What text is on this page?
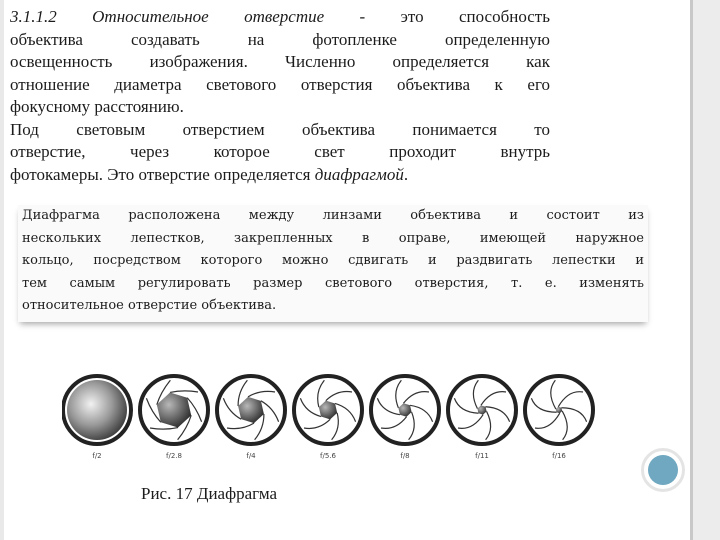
3.1.1.2 Относительное отверстие - это способность
объектива создавать на фотопленке определенную
освещенность изображения. Численно определяется как
отношение диаметра светового отверстия объектива к его
фокусному расстоянию.
Под световым отверстием объектива понимается то
отверстие, через которое свет проходит внутрь
фотокамеры. Это отверстие определяется диафрагмой.
Диафрагма расположена между линзами объектива и состоит из
нескольких лепестков, закрепленных в оправе, имеющей наружное
кольцо, посредством которого можно сдвигать и раздвигать лепестки и
тем самым регулировать размер светового отверстия, т. е. изменять
относительное отверстие объектива.
f/2	f/2.8	f/4	f/5.6	f/8	f/11	f/16
Рис. 17 Диафрагма
